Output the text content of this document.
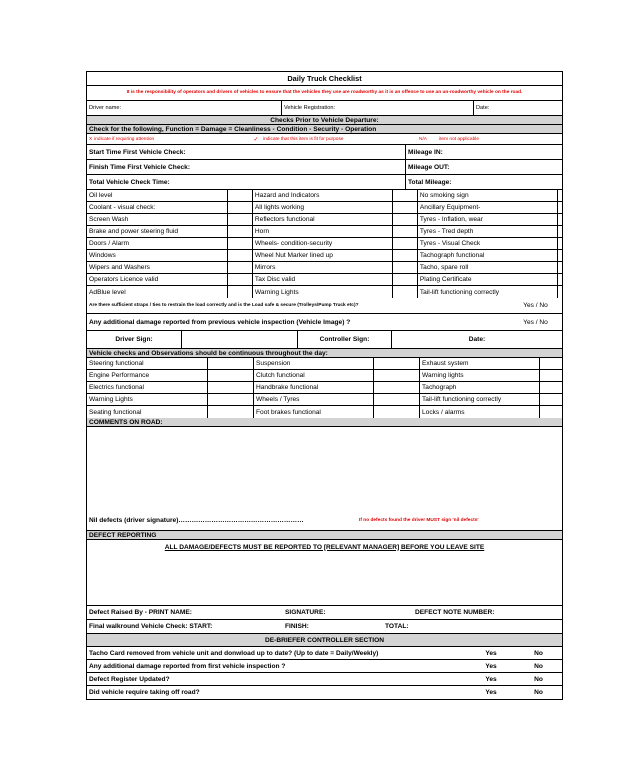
Daily Truck Checklist
It is the responsibility of operators and drivers of vehicles to ensure that the vehicles they use are roadworthy as it is an offence to use an un-roadworthy vehicle on the road.
Driver name:	Vehicle Registration:	Date:
Checks Prior to Vehicle Departure:
Check for the following, Function = Damage = Cleanliness - Condition - Security - Operation
X indicate if requiring attention	✓ indicate that this item is fit for purpose	N/A	item not applicable
Start Time First Vehicle Check:	Mileage IN:
Finish Time First Vehicle Check:	Mileage OUT:
Total Vehicle Check Time:	Total Mileage:
Oil level	Hazard and Indicators	No smoking sign
Coolant - visual check:	All lights working	Ancillary Equipment-
Screen Wash	Reflectors functional	Tyres - Inflation, wear
Brake and power steering fluid	Horn	Tyres - Tred depth
Doors / Alarm	Wheels- condition-security	Tyres - Visual Check
Windows	Wheel Nut Marker lined up	Tachograph functional
Wipers and Washers	Mirrors	Tacho, spare roll
Operators Licence valid	Tax Disc valid	Plating Certificate
AdBlue level	Warning Lights	Tail-lift functioning correctly
Are there sufficient straps / ties to restrain the load correctly and is the Load safe & secure (Trolleys/Pump Truck etc)?	Yes / No
Any additional damage reported from previous vehicle inspection (Vehicle Image) ?	Yes / No
Driver Sign:	Controller Sign:	Date:
Vehicle checks and Observations should be continuous throughout the day:
Steering functional	Suspension	Exhaust system
Engine Performance	Clutch functional	Warning lights
Electrics functional	Handbrake functional	Tachograph
Warning Lights	Wheels / Tyres	Tail-lift functioning correctly
Seating functional	Foot brakes functional	Locks / alarms
COMMENTS ON ROAD:
Nil defects (driver signature)…………………………………………………	If no defects found the driver MUST sign 'nil defects'
DEFECT REPORTING
ALL DAMAGE/DEFECTS MUST BE REPORTED TO [RELEVANT MANAGER] BEFORE YOU LEAVE SITE
Defect Raised By - PRINT NAME:	SIGNATURE:	DEFECT NOTE NUMBER:
Final walkround Vehicle Check: START:	FINISH:	TOTAL:
DE-BRIEFER CONTROLLER SECTION
Tacho Card removed from vehicle unit and donwload up to date? (Up to date = Daily/Weekly)	Yes	No
Any additional damage reported from first vehicle inspection ?	Yes	No
Defect Register Updated?	Yes	No
Did vehicle require taking off road?	Yes	No
